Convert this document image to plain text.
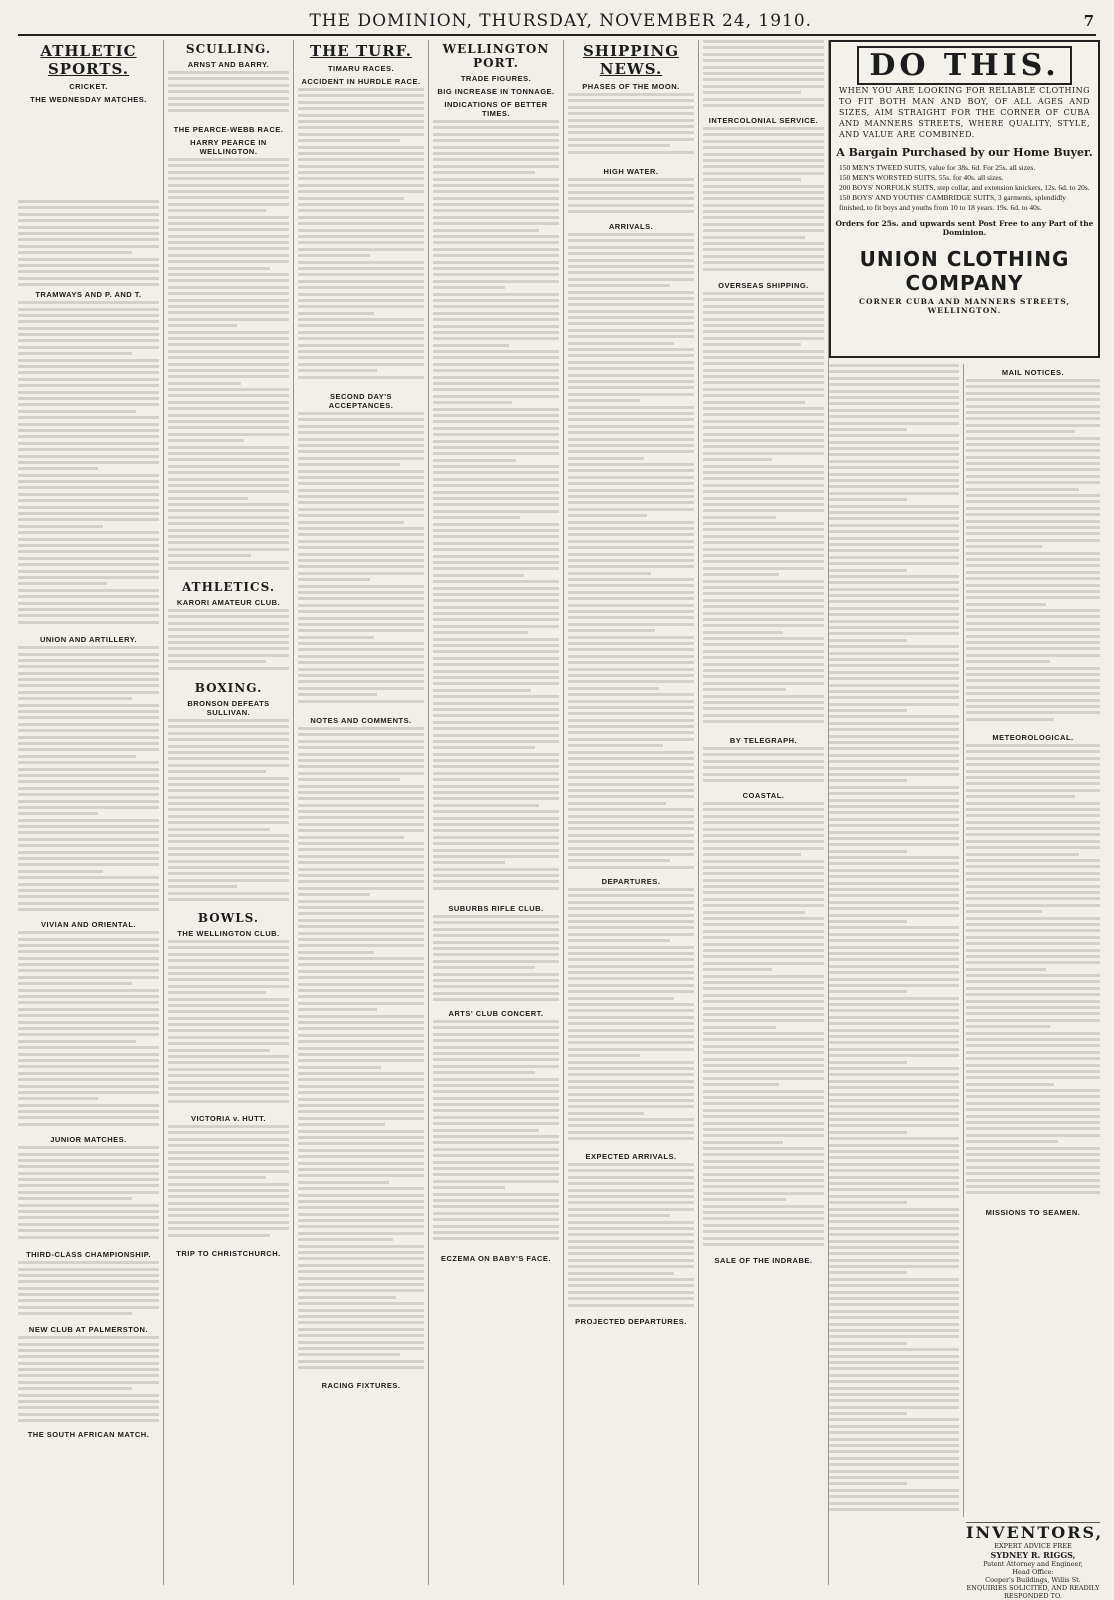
THE DOMINION, THURSDAY, NOVEMBER 24, 1910.	7
ATHLETIC SPORTS.
CRICKET.
THE WEDNESDAY MATCHES.

TRAMWAYS AND P. AND T.
UNION AND ARTILLERY.
VIVIAN AND ORIENTAL.
JUNIOR MATCHES.
THIRD-CLASS CHAMPIONSHIP.
NEW CLUB AT PALMERSTON.
THE SOUTH AFRICAN MATCH.
SCULLING.
ARNST AND BARRY.
THE PEARCE-WEBB RACE.
HARRY PEARCE IN WELLINGTON.
ATHLETICS.
KARORI AMATEUR CLUB.
BOXING.
BRONSON DEFEATS SULLIVAN.
BOWLS.
THE WELLINGTON CLUB.
VICTORIA v. HUTT.
TRIP TO CHRISTCHURCH.
THE TURF.
TIMARU RACES.
ACCIDENT IN HURDLE RACE.
SECOND DAY'S ACCEPTANCES.
NOTES AND COMMENTS.
RACING FIXTURES.
WELLINGTON PORT.
TRADE FIGURES.
BIG INCREASE IN TONNAGE.
INDICATIONS OF BETTER TIMES.
SUBURBS RIFLE CLUB.
ARTS' CLUB CONCERT.
ECZEMA ON BABY'S FACE.
SHIPPING NEWS.
PHASES OF THE MOON.
HIGH WATER.
ARRIVALS.
DEPARTURES.
EXPECTED ARRIVALS.
PROJECTED DEPARTURES.
INTERCOLONIAL SERVICE.
OVERSEAS SHIPPING.
BY TELEGRAPH.
COASTAL.
SALE OF THE INDRABE.
DO THIS.
WHEN YOU ARE LOOKING FOR RELIABLE CLOTHING TO FIT BOTH MAN AND BOY, OF ALL AGES AND SIZES, AIM STRAIGHT FOR THE CORNER OF CUBA AND MANNERS STREETS, WHERE QUALITY, STYLE, AND VALUE ARE COMBINED.
A Bargain Purchased by our Home Buyer.
150 MEN'S TWEED SUITS, value for 38s. 6d. For 25s. all sizes.
150 MEN'S WORSTED SUITS, 55s. for 40s. all sizes.
200 BOYS' NORFOLK SUITS, step collar, and extension knickers, 12s. 6d. to 20s.
150 BOYS' AND YOUTHS' CAMBRIDGE SUITS, 3 garments, splendidly finished, to fit boys and youths from 10 to 18 years. 19s. 6d. to 40s.
Orders for 25s. and upwards sent Post Free to any Part of the Dominion.
UNION CLOTHING COMPANY
CORNER CUBA AND MANNERS STREETS, WELLINGTON.
MAIL NOTICES.
METEOROLOGICAL.
MISSIONS TO SEAMEN.
INVENTORS,
EXPERT ADVICE FREE
SYDNEY R. RIGGS,
Patent Attorney and Engineer,
Head Office:
Cooper's Buildings, Willis St.
ENQUIRIES SOLICITED, AND READILY RESPONDED TO.
